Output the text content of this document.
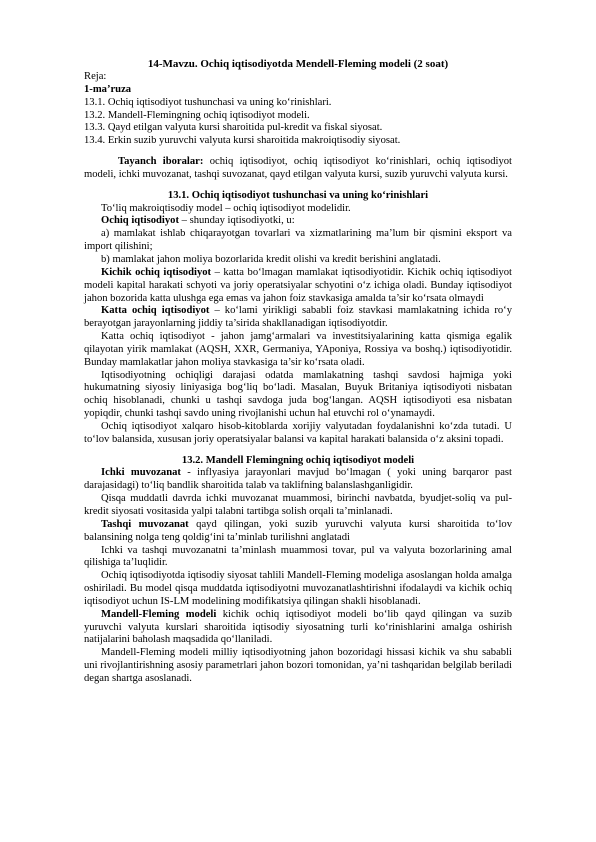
14-Mavzu. Ochiq iqtisodiyotda Mendell-Fleming modeli (2 soat)

Reja:
1-ma’ruza
13.1. Ochiq iqtisodiyot tushunchasi va uning ko‘rinishlari.
13.2. Mandell-Flemingning ochiq iqtisodiyot modeli.
13.3. Qayd etilgan valyuta kursi sharoitida pul-kredit va fiskal siyosat.
13.4. Erkin suzib yuruvchi valyuta kursi sharoitida makroiqtisodiy siyosat.

Tayanch iboralar: ochiq iqtisodiyot, ochiq iqtisodiyot ko‘rinishlari, ochiq iqtisodiyot modeli, ichki muvozanat, tashqi suvozanat, qayd etilgan valyuta kursi, suzib yuruvchi valyuta kursi.

13.1. Ochiq iqtisodiyot tushunchasi va uning ko‘rinishlari

To‘liq makroiqtisodiy model – ochiq iqtisodiyot modelidir.

Ochiq iqtisodiyot – shunday iqtisodiyotki, u:

a) mamlakat ishlab chiqarayotgan tovarlari va xizmatlarining ma’lum bir qismini eksport va import qilishini;

b) mamlakat jahon moliya bozorlarida kredit olishi va kredit berishini anglatadi.

Kichik ochiq iqtisodiyot – katta bo‘lmagan mamlakat iqtisodiyotidir. Kichik ochiq iqtisodiyot modeli kapital harakati schyoti va joriy operatsiyalar schyotini o‘z ichiga oladi. Bunday iqtisodiyot jahon bozorida katta ulushga ega emas va jahon foiz stavkasiga amalda ta’sir ko‘rsata olmaydi

Katta ochiq iqtisodiyot – ko‘lami yirikligi sababli foiz stavkasi mamlakatning ichida ro‘y berayotgan jarayonlarning jiddiy ta’sirida shakllanadigan iqtisodiyotdir.

Katta ochiq iqtisodiyot - jahon jamg‘armalari va investitsiyalarining katta qismiga egalik qilayotan yirik mamlakat (AQSH, XXR, Germaniya, YAponiya, Rossiya va boshq.) iqtisodiyotidir. Bunday mamlakatlar jahon moliya stavkasiga ta’sir ko‘rsata oladi.

Iqtisodiyotning ochiqligi darajasi odatda mamlakatning tashqi savdosi hajmiga yoki hukumatning siyosiy liniyasiga bog‘liq bo‘ladi. Masalan, Buyuk Britaniya iqtisodiyoti nisbatan ochiq hisoblanadi, chunki u tashqi savdoga juda bog‘langan. AQSH iqtisodiyoti esa nisbatan yopiqdir, chunki tashqi savdo uning rivojlanishi uchun hal etuvchi rol o‘ynamaydi.

Ochiq iqtisodiyot xalqaro hisob-kitoblarda xorijiy valyutadan foydalanishni ko‘zda tutadi. U to‘lov balansida, xususan joriy operatsiyalar balansi va kapital harakati balansida o‘z aksini topadi.

13.2. Mandell Flemingning ochiq iqtisodiyot modeli

Ichki muvozanat - inflyasiya jarayonlari mavjud bo‘lmagan ( yoki uning barqaror past darajasidagi) to‘liq bandlik sharoitida talab va taklifning balanslashganligidir.

Qisqa muddatli davrda ichki muvozanat muammosi, birinchi navbatda, byudjet-soliq va pul-kredit siyosati vositasida yalpi talabni tartibga solish orqali ta’minlanadi.

Tashqi muvozanat qayd qilingan, yoki suzib yuruvchi valyuta kursi sharoitida to‘lov balansining nolga teng qoldig‘ini ta’minlab turilishni anglatadi

Ichki va tashqi muvozanatni ta’minlash muammosi tovar, pul va valyuta bozorlarining amal qilishiga ta’luqlidir.

Ochiq iqtisodiyotda iqtisodiy siyosat tahlili Mandell-Fleming modeliga asoslangan holda amalga oshiriladi. Bu model qisqa muddatda iqtisodiyotni muvozanatlashtirishni ifodalaydi va kichik ochiq iqtisodiyot uchun IS-LM modelining modifikatsiya qilingan shakli hisoblanadi.

Mandell-Fleming modeli kichik ochiq iqtisodiyot modeli bo‘lib qayd qilingan va suzib yuruvchi valyuta kurslari sharoitida iqtisodiy siyosatning turli ko‘rinishlarini amalga oshirish natijalarini baholash maqsadida qo‘llaniladi.

Mandell-Fleming modeli milliy iqtisodiyotning jahon bozoridagi hissasi kichik va shu sababli uni rivojlantirishning asosiy parametrlari jahon bozori tomonidan, ya’ni tashqaridan belgilab beriladi degan shartga asoslanadi.
